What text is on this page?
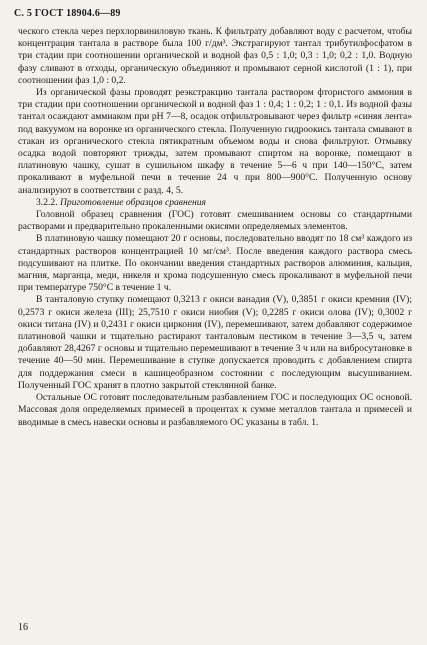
С. 5 ГОСТ 18904.6—89

ческого стекла через перхлорвиниловую ткань. К фильтрату добавляют воду с расчетом, чтобы концентрация тантала в растворе была 100 г/дм³. Экстрагируют тантал трибутилфосфатом в три стадии при соотношении органической и водной фаз 0,5 : 1,0; 0,3 : 1,0; 0,2 : 1,0. Водную фазу сливают в отходы, органическую объединяют и промывают серной кислотой (1 : 1), при соотношении фаз 1,0 : 0,2.

Из органической фазы проводят реэкстракцию тантала раствором фтористого аммония в три стадии при соотношении органической и водной фаз 1 : 0,4; 1 : 0,2; 1 : 0,1. Из водной фазы тантал осаждают аммиаком при pH 7—8, осадок отфильтровывают через фильтр «синяя лента» под вакуумом на воронке из органического стекла. Полученную гидроокись тантала смывают в стакан из органического стекла пятикратным объемом воды и снова фильтруют. Отмывку осадка водой повторяют трижды, затем промывают спиртом на воронке, помещают в платиновую чашку, сушат в сушильном шкафу в течение 5—6 ч при 140—150°C, затем прокаливают в муфельной печи в течение 24 ч при 800—900°C. Полученную основу анализируют в соответствии с разд. 4, 5.

3.2.2. Приготовление образцов сравнения

Головной образец сравнения (ГОС) готовят смешиванием основы со стандартными растворами и предварительно прокаленными окисями определяемых элементов.

В платиновую чашку помещают 20 г основы, последовательно вводят по 18 см³ каждого из стандартных растворов концентрацией 10 мг/см³. После введения каждого раствора смесь подсушивают на плитке. По окончании введения стандартных растворов алюминия, кальция, магния, марганца, меди, никеля и хрома подсушенную смесь прокаливают в муфельной печи при температуре 750°C в течение 1 ч.

В танталовую ступку помещают 0,3213 г окиси ванадия (V), 0,3851 г окиси кремния (IV); 0,2573 г окиси железа (III); 25,7510 г окиси ниобия (V); 0,2285 г окиси олова (IV); 0,3002 г окиси титана (IV) и 0,2431 г окиси циркония (IV), перемешивают, затем добавляют содержимое платиновой чашки и тщательно растирают танталовым пестиком в течение 3—3,5 ч, затем добавляют 28,4267 г основы и тщательно перемешивают в течение 3 ч или на вибросутановке в течение 40—50 мин. Перемешивание в ступке допускается проводить с добавлением спирта для поддержания смеси в кашицеобразном состоянии с последующим высушиванием. Полученный ГОС хранят в плотно закрытой стеклянной банке.

Остальные ОС готовят последовательным разбавлением ГОС и последующих ОС основой. Массовая доля определяемых примесей в процентах к сумме металлов тантала и примесей и вводимые в смесь навески основы и разбавляемого ОС указаны в табл. 1.

16
